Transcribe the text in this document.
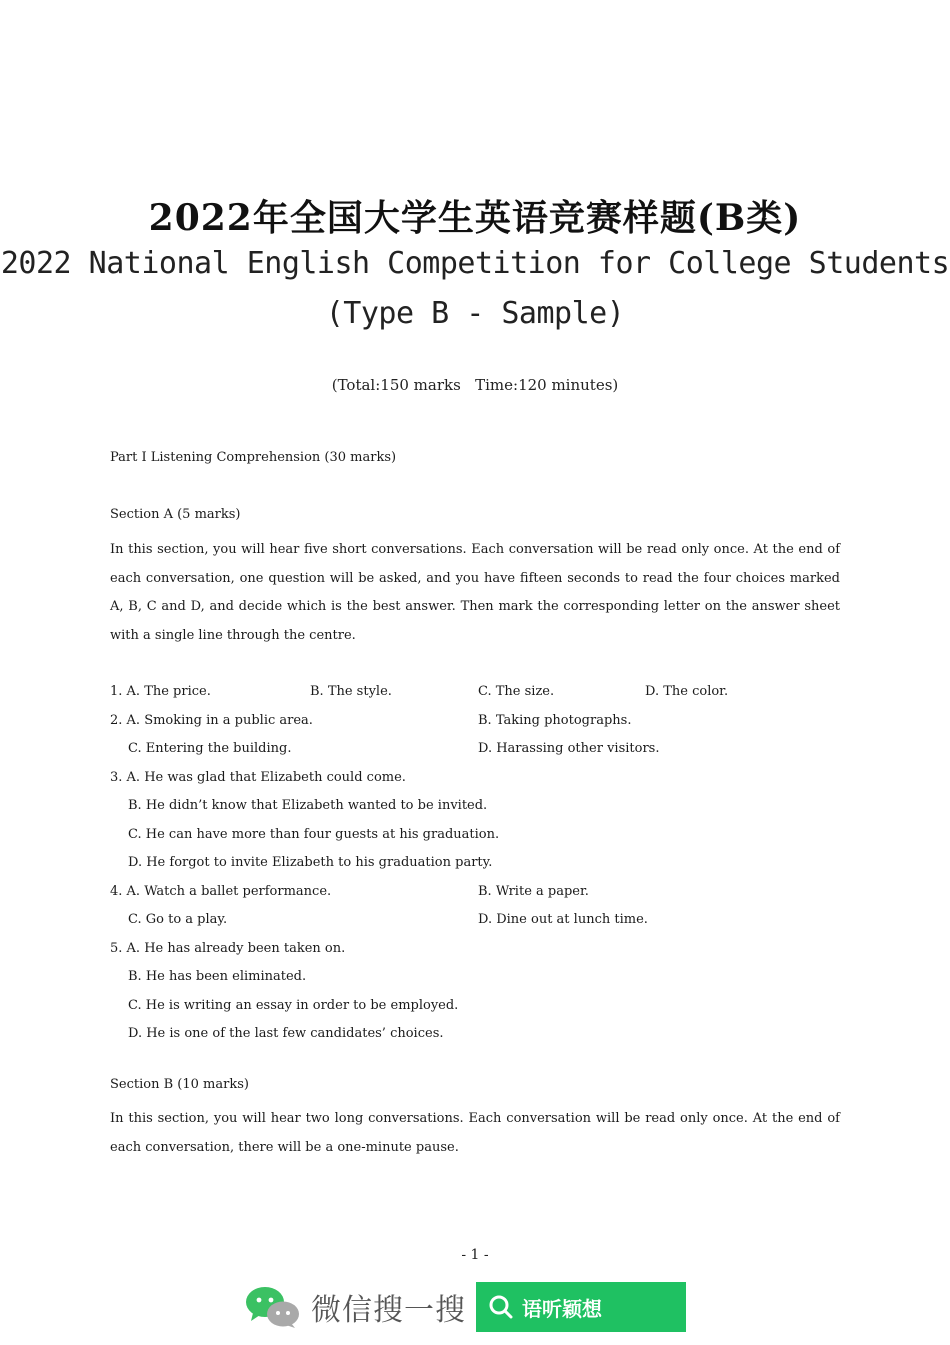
2022年全国大学生英语竞赛样题(B类)
2022 National English Competition for College Students
(Type B - Sample)
(Total:150 marks   Time:120 minutes)
Part I Listening Comprehension (30 marks)
Section A (5 marks)

In this section, you will hear five short conversations. Each conversation will be read only once. At the end of each conversation, one question will be asked, and you have fifteen seconds to read the four choices marked A, B, C and D, and decide which is the best answer. Then mark the corresponding letter on the answer sheet with a single line through the centre.

1. A. The price.	B. The style.	C. The size.	D. The color.
2. A. Smoking in a public area.	B. Taking photographs.
C. Entering the building.	D. Harassing other visitors.
3. A. He was glad that Elizabeth could come.
B. He didn’t know that Elizabeth wanted to be invited.
C. He can have more than four guests at his graduation.
D. He forgot to invite Elizabeth to his graduation party.
4. A. Watch a ballet performance.	B. Write a paper.
C. Go to a play.	D. Dine out at lunch time.
5. A. He has already been taken on.
B. He has been eliminated.
C. He is writing an essay in order to be employed.
D. He is one of the last few candidates’ choices.
Section B (10 marks)

In this section, you will hear two long conversations. Each conversation will be read only once. At the end of each conversation, there will be a one-minute pause.

- 1 -
微信搜一搜	语听颖想
